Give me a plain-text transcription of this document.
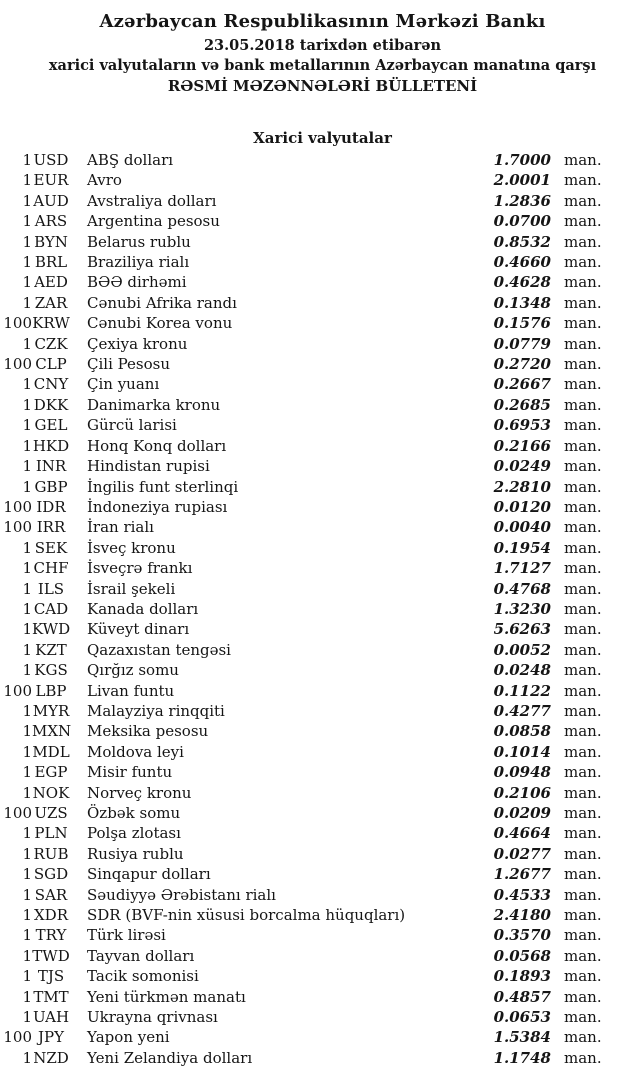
Azərbaycan Respublikasının Mərkəzi Bankı
23.05.2018 tarixdən etibarən
xarici valyutaların və bank metallarının Azərbaycan manatına qarşı
RƏSMİ MƏZƏNNƏLƏRİ BÜLLETENİ
Xarici valyutalar
1 USD	ABŞ dolları	1.7000 man.
1 EUR	Avro	2.0001 man.
1 AUD	Avstraliya dolları	1.2836 man.
1 ARS	Argentina pesosu	0.0700 man.
1 BYN	Belarus rublu	0.8532 man.
1 BRL	Braziliya rialı	0.4660 man.
1 AED	BƏƏ dirhəmi	0.4628 man.
1 ZAR	Cənubi Afrika randı	0.1348 man.
100 KRW	Cənubi Korea vonu	0.1576 man.
1 CZK	Çexiya kronu	0.0779 man.
100 CLP	Çili Pesosu	0.2720 man.
1 CNY	Çin yuanı	0.2667 man.
1 DKK	Danimarka kronu	0.2685 man.
1 GEL	Gürcü larisi	0.6953 man.
1 HKD	Honq Konq dolları	0.2166 man.
1 INR	Hindistan rupisi	0.0249 man.
1 GBP	İngilis funt sterlinqi	2.2810 man.
100 IDR	İndoneziya rupiası	0.0120 man.
100 IRR	İran rialı	0.0040 man.
1 SEK	İsveç kronu	0.1954 man.
1 CHF	İsveçrə frankı	1.7127 man.
1 ILS	İsrail şekeli	0.4768 man.
1 CAD	Kanada dolları	1.3230 man.
1 KWD	Küveyt dinarı	5.6263 man.
1 KZT	Qazaxıstan tengəsi	0.0052 man.
1 KGS	Qırğız somu	0.0248 man.
100 LBP	Livan funtu	0.1122 man.
1 MYR	Malayziya rinqqiti	0.4277 man.
1 MXN	Meksika pesosu	0.0858 man.
1 MDL	Moldova leyi	0.1014 man.
1 EGP	Misir funtu	0.0948 man.
1 NOK	Norveç kronu	0.2106 man.
100 UZS	Özbək somu	0.0209 man.
1 PLN	Polşa zlotası	0.4664 man.
1 RUB	Rusiya rublu	0.0277 man.
1 SGD	Sinqapur dolları	1.2677 man.
1 SAR	Səudiyyə Ərəbistanı rialı	0.4533 man.
1 XDR	SDR (BVF-nin xüsusi borcalma hüquqları)	2.4180 man.
1 TRY	Türk lirəsi	0.3570 man.
1 TWD	Tayvan dolları	0.0568 man.
1 TJS	Tacik somonisi	0.1893 man.
1 TMT	Yeni türkmən manatı	0.4857 man.
1 UAH	Ukrayna qrivnası	0.0653 man.
100 JPY	Yapon yeni	1.5384 man.
1 NZD	Yeni Zelandiya dolları	1.1748 man.
